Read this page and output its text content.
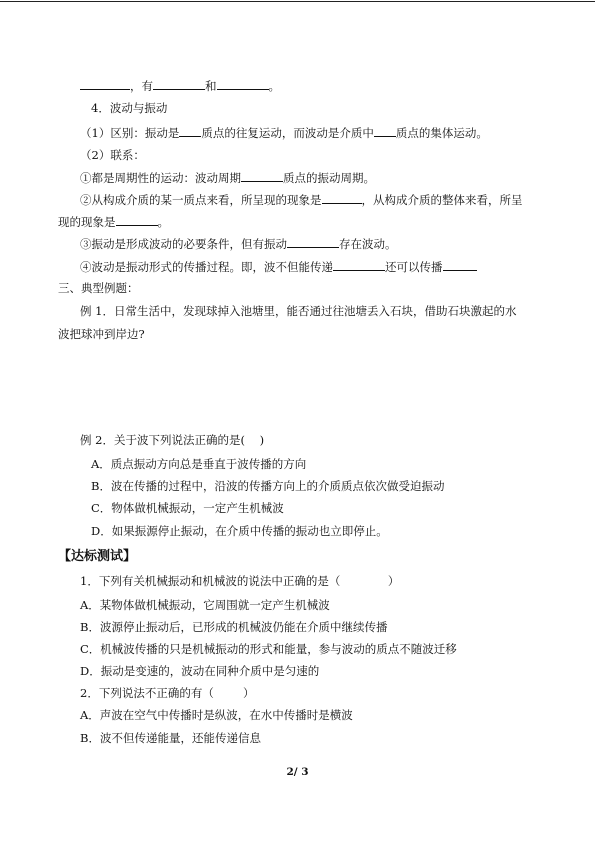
，有	和	。
4．波动与振动
（1）区别：振动是 质点的往复运动，而波动是介质中 质点的集体运动。
（2）联系：
①都是周期性的运动：波动周期	质点的振动周期。
②从构成介质的某一质点来看，所呈现的现象是	，从构成介质的整体来看，所呈
现的现象是	。
③振动是形成波动的必要条件，但有振动	存在波动。
④波动是振动形式的传播过程。即，波不但能传递	还可以传播
三、典型例题：
例 1．日常生活中，发现球掉入池塘里，能否通过往池塘丢入石块，借助石块激起的水
波把球冲到岸边?
例 2．关于波下列说法正确的是(    )
A．质点振动方向总是垂直于波传播的方向
B．波在传播的过程中，沿波的传播方向上的介质质点依次做受迫振动
C．物体做机械振动，一定产生机械波
D．如果振源停止振动，在介质中传播的振动也立即停止。
【达标测试】
1．下列有关机械振动和机械波的说法中正确的是（             ）
A．某物体做机械振动，它周围就一定产生机械波
B．波源停止振动后，已形成的机械波仍能在介质中继续传播
C．机械波传播的只是机械振动的形式和能量，参与波动的质点不随波迁移
D．振动是变速的，波动在同种介质中是匀速的
2．下列说法不正确的有（        ）
A．声波在空气中传播时是纵波，在水中传播时是横波
B．波不但传递能量，还能传递信息
2/ 3
